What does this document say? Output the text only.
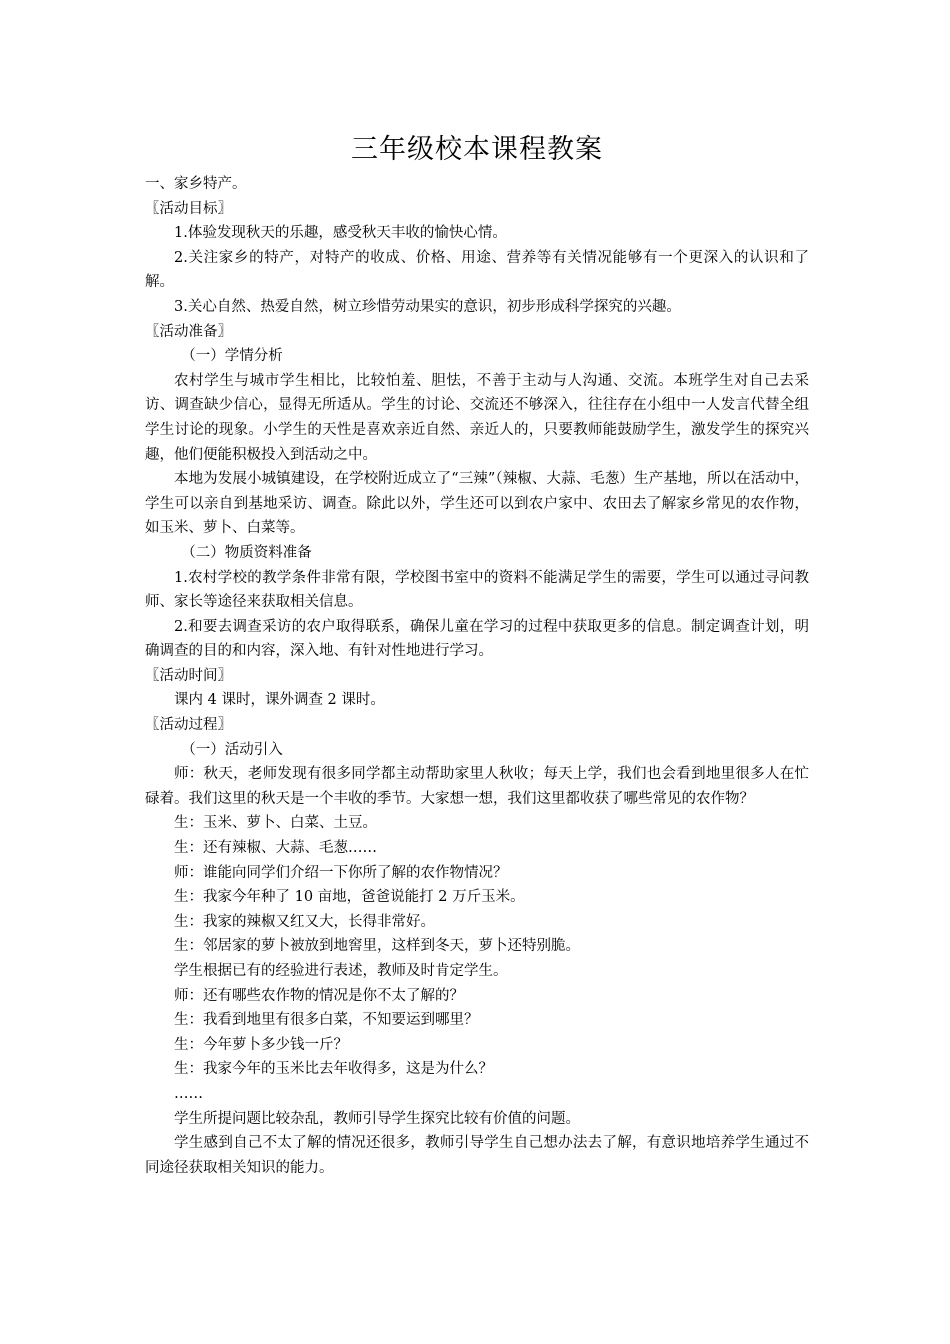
三年级校本课程教案

一、家乡特产。

〖活动目标〗

1.体验发现秋天的乐趣，感受秋天丰收的愉快心情。

2.关注家乡的特产，对特产的收成、价格、用途、营养等有关情况能够有一个更深入的认识和了解。

3.关心自然、热爱自然，树立珍惜劳动果实的意识，初步形成科学探究的兴趣。

〖活动准备〗

（一）学情分析

农村学生与城市学生相比，比较怕羞、胆怯，不善于主动与人沟通、交流。本班学生对自己去采访、调查缺少信心，显得无所适从。学生的讨论、交流还不够深入，往往存在小组中一人发言代替全组学生讨论的现象。小学生的天性是喜欢亲近自然、亲近人的，只要教师能鼓励学生，激发学生的探究兴趣，他们便能积极投入到活动之中。

本地为发展小城镇建设，在学校附近成立了“三辣”（辣椒、大蒜、毛葱）生产基地，所以在活动中，学生可以亲自到基地采访、调查。除此以外，学生还可以到农户家中、农田去了解家乡常见的农作物，如玉米、萝卜、白菜等。

（二）物质资料准备

1.农村学校的教学条件非常有限，学校图书室中的资料不能满足学生的需要，学生可以通过寻问教师、家长等途径来获取相关信息。

2.和要去调查采访的农户取得联系，确保儿童在学习的过程中获取更多的信息。制定调查计划，明确调查的目的和内容，深入地、有针对性地进行学习。

〖活动时间〗

课内 4 课时，课外调查 2 课时。

〖活动过程〗

（一）活动引入

师：秋天，老师发现有很多同学都主动帮助家里人秋收；每天上学，我们也会看到地里很多人在忙碌着。我们这里的秋天是一个丰收的季节。大家想一想，我们这里都收获了哪些常见的农作物？

生：玉米、萝卜、白菜、土豆。

生：还有辣椒、大蒜、毛葱……

师：谁能向同学们介绍一下你所了解的农作物情况？

生：我家今年种了 10 亩地，爸爸说能打 2 万斤玉米。

生：我家的辣椒又红又大，长得非常好。

生：邻居家的萝卜被放到地窖里，这样到冬天，萝卜还特别脆。

学生根据已有的经验进行表述，教师及时肯定学生。

师：还有哪些农作物的情况是你不太了解的？

生：我看到地里有很多白菜，不知要运到哪里？

生：今年萝卜多少钱一斤？

生：我家今年的玉米比去年收得多，这是为什么？

……

学生所提问题比较杂乱，教师引导学生探究比较有价值的问题。

学生感到自己不太了解的情况还很多，教师引导学生自己想办法去了解，有意识地培养学生通过不同途径获取相关知识的能力。
